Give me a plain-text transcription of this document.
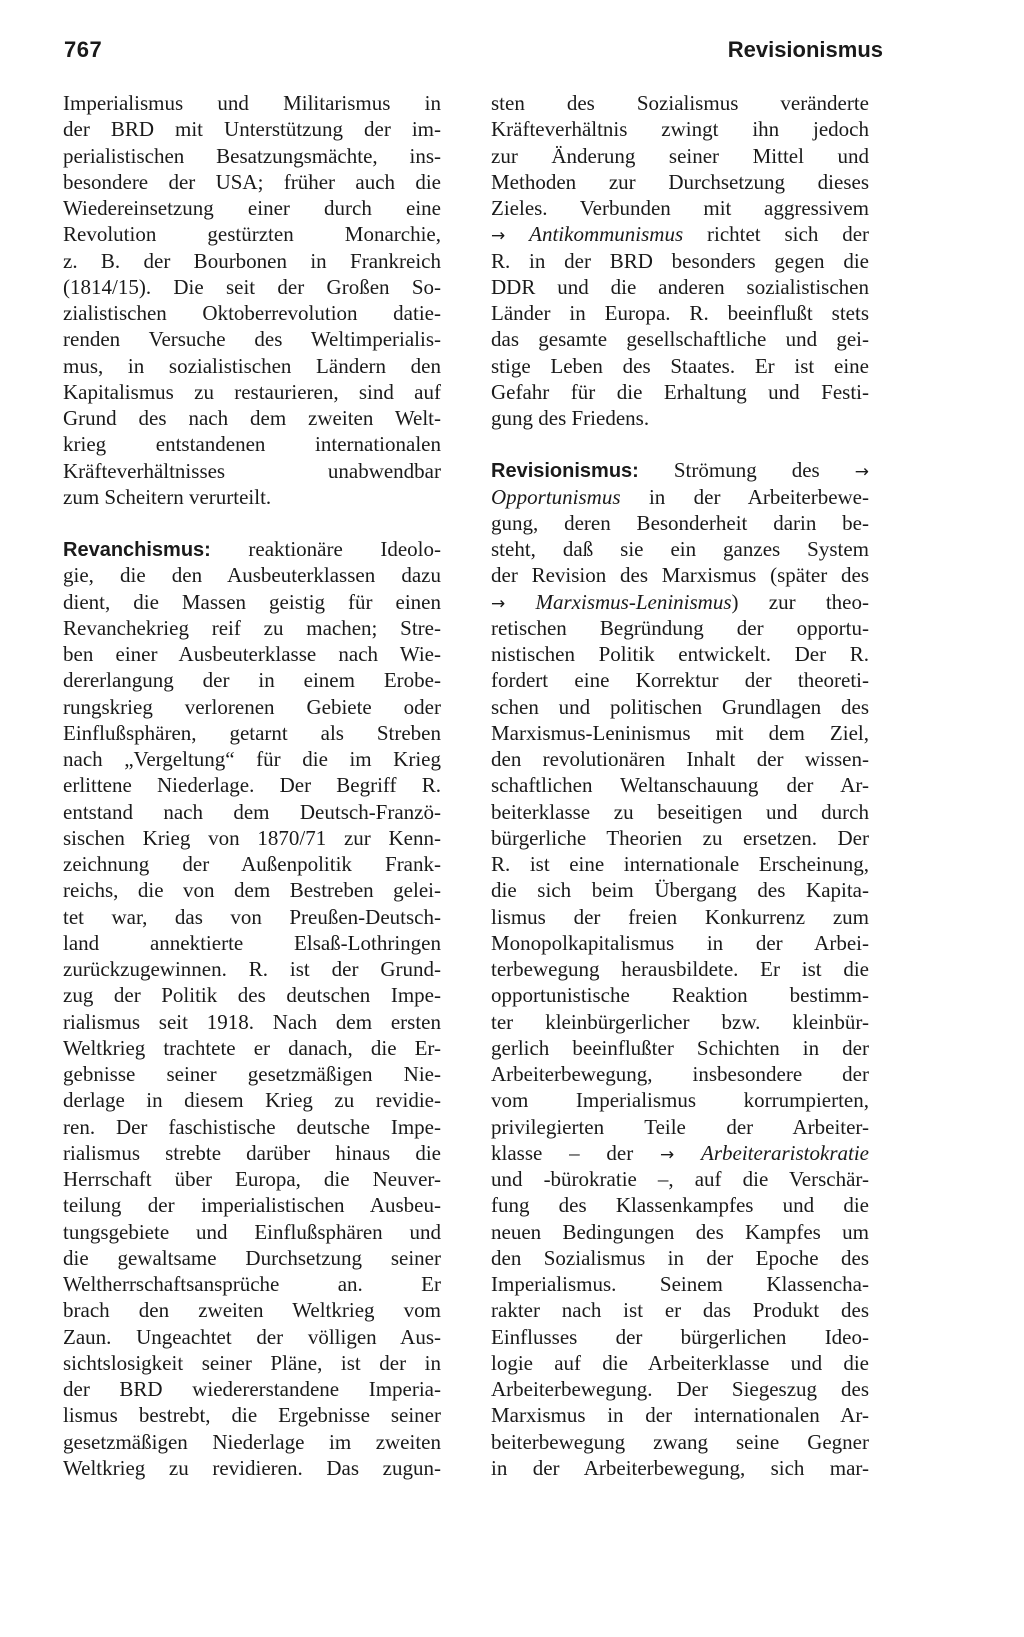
767	Revisionismus
Imperialismus und Militarismus in
der BRD mit Unterstützung der im-
perialistischen Besatzungsmächte, ins-
besondere der USA; früher auch die
Wiedereinsetzung einer durch eine
Revolution gestürzten Monarchie,
z. B. der Bourbonen in Frankreich
(1814/15). Die seit der Großen So-
zialistischen Oktoberrevolution datie-
renden Versuche des Weltimperialis-
mus, in sozialistischen Ländern den
Kapitalismus zu restaurieren, sind auf
Grund des nach dem zweiten Welt-
krieg entstandenen internationalen
Kräfteverhältnisses unabwendbar
zum Scheitern verurteilt.
Revanchismus: reaktionäre Ideolo-
gie, die den Ausbeuterklassen dazu
dient, die Massen geistig für einen
Revanchekrieg reif zu machen; Stre-
ben einer Ausbeuterklasse nach Wie-
dererlangung der in einem Erobe-
rungskrieg verlorenen Gebiete oder
Einflußsphären, getarnt als Streben
nach „Vergeltung“ für die im Krieg
erlittene Niederlage. Der Begriff R.
entstand nach dem Deutsch-Franzö-
sischen Krieg von 1870/71 zur Kenn-
zeichnung der Außenpolitik Frank-
reichs, die von dem Bestreben gelei-
tet war, das von Preußen-Deutsch-
land annektierte Elsaß-Lothringen
zurückzugewinnen. R. ist der Grund-
zug der Politik des deutschen Impe-
rialismus seit 1918. Nach dem ersten
Weltkrieg trachtete er danach, die Er-
gebnisse seiner gesetzmäßigen Nie-
derlage in diesem Krieg zu revidie-
ren. Der faschistische deutsche Impe-
rialismus strebte darüber hinaus die
Herrschaft über Europa, die Neuver-
teilung der imperialistischen Ausbeu-
tungsgebiete und Einflußsphären und
die gewaltsame Durchsetzung seiner
Weltherrschaftsansprüche an. Er
brach den zweiten Weltkrieg vom
Zaun. Ungeachtet der völligen Aus-
sichtslosigkeit seiner Pläne, ist der in
der BRD wiedererstandene Imperia-
lismus bestrebt, die Ergebnisse seiner
gesetzmäßigen Niederlage im zweiten
Weltkrieg zu revidieren. Das zugun-
sten des Sozialismus veränderte
Kräfteverhältnis zwingt ihn jedoch
zur Änderung seiner Mittel und
Methoden zur Durchsetzung dieses
Zieles. Verbunden mit aggressivem
→ Antikommunismus richtet sich der
R. in der BRD besonders gegen die
DDR und die anderen sozialistischen
Länder in Europa. R. beeinflußt stets
das gesamte gesellschaftliche und gei-
stige Leben des Staates. Er ist eine
Gefahr für die Erhaltung und Festi-
gung des Friedens.
Revisionismus: Strömung des →
Opportunismus in der Arbeiterbewe-
gung, deren Besonderheit darin be-
steht, daß sie ein ganzes System
der Revision des Marxismus (später des
→ Marxismus-Leninismus) zur theo-
retischen Begründung der opportu-
nistischen Politik entwickelt. Der R.
fordert eine Korrektur der theoreti-
schen und politischen Grundlagen des
Marxismus-Leninismus mit dem Ziel,
den revolutionären Inhalt der wissen-
schaftlichen Weltanschauung der Ar-
beiterklasse zu beseitigen und durch
bürgerliche Theorien zu ersetzen. Der
R. ist eine internationale Erscheinung,
die sich beim Übergang des Kapita-
lismus der freien Konkurrenz zum
Monopolkapitalismus in der Arbei-
terbewegung herausbildete. Er ist die
opportunistische Reaktion bestimm-
ter kleinbürgerlicher bzw. kleinbür-
gerlich beeinflußter Schichten in der
Arbeiterbewegung, insbesondere der
vom Imperialismus korrumpierten,
privilegierten Teile der Arbeiter-
klasse – der → Arbeiteraristokratie
und -bürokratie –, auf die Verschär-
fung des Klassenkampfes und die
neuen Bedingungen des Kampfes um
den Sozialismus in der Epoche des
Imperialismus. Seinem Klassencha-
rakter nach ist er das Produkt des
Einflusses der bürgerlichen Ideo-
logie auf die Arbeiterklasse und die
Arbeiterbewegung. Der Siegeszug des
Marxismus in der internationalen Ar-
beiterbewegung zwang seine Gegner
in der Arbeiterbewegung, sich mar-
